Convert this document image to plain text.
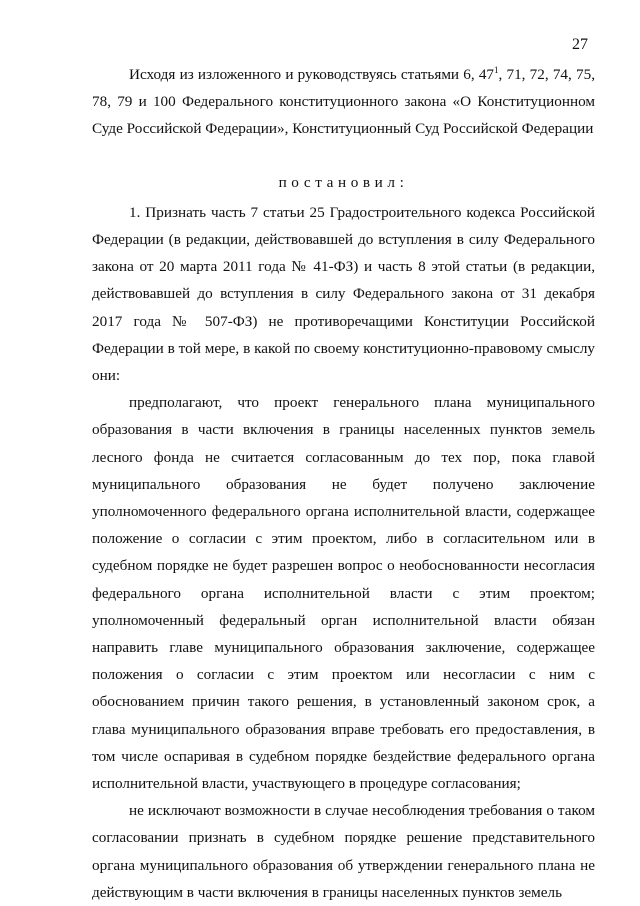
27

Исходя из изложенного и руководствуясь статьями 6, $47^1$, 71, 72, 74, 75, 78, 79 и 100 Федерального конституционного закона «О Конституционном Суде Российской Федерации», Конституционный Суд Российской Федерации

постановил:

1. Признать часть 7 статьи 25 Градостроительного кодекса Российской Федерации (в редакции, действовавшей до вступления в силу Федерального закона от 20 марта 2011 года № 41-ФЗ) и часть 8 этой статьи (в редакции, действовавшей до вступления в силу Федерального закона от 31 декабря 2017 года № 507-ФЗ) не противоречащими Конституции Российской Федерации в той мере, в какой по своему конституционно-правовому смыслу они:

предполагают, что проект генерального плана муниципального образования в части включения в границы населенных пунктов земель лесного фонда не считается согласованным до тех пор, пока главой муниципального образования не будет получено заключение уполномоченного федерального органа исполнительной власти, содержащее положение о согласии с этим проектом, либо в согласительном или в судебном порядке не будет разрешен вопрос о необоснованности несогласия федерального органа исполнительной власти с этим проектом; уполномоченный федеральный орган исполнительной власти обязан направить главе муниципального образования заключение, содержащее положения о согласии с этим проектом или несогласии с ним с обоснованием причин такого решения, в установленный законом срок, а глава муниципального образования вправе требовать его предоставления, в том числе оспаривая в судебном порядке бездействие федерального органа исполнительной власти, участвующего в процедуре согласования;

не исключают возможности в случае несоблюдения требования о таком согласовании признать в судебном порядке решение представительного органа муниципального образования об утверждении генерального плана не действующим в части включения в границы населенных пунктов земель
